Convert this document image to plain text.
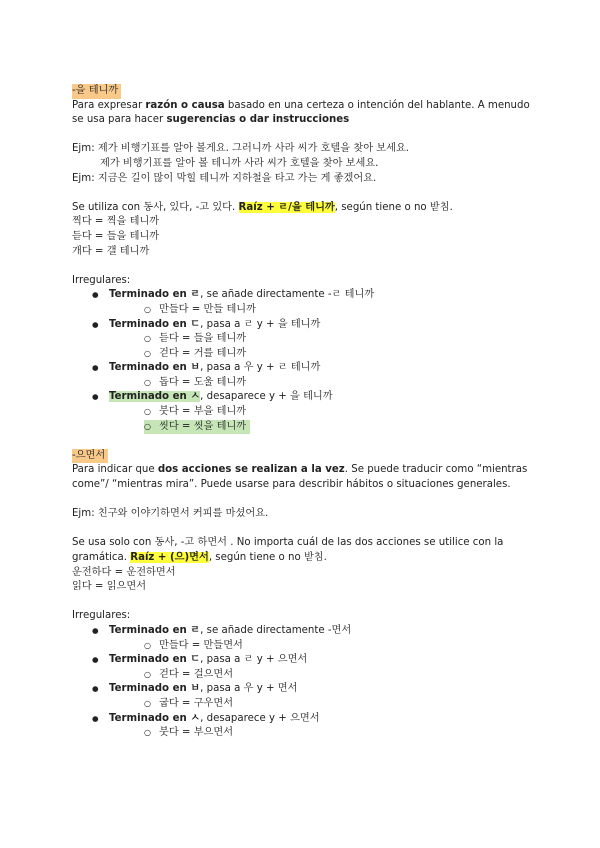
-을 테니까

Para expresar razón o causa basado en una certeza o intención del hablante. A menudo se usa para hacer sugerencias o dar instrucciones

Ejm: 제가 비행기표를 알아 볼게요. 그러니까 사라 씨가 호텔을 찾아 보세요.

제가 비행기표를 알아 볼 테니까 사라 씨가 호텔을 찾아 보세요.

Ejm: 지금은 길이 많이 막힐 테니까 지하철을 타고 가는 게 좋겠어요.

Se utiliza con 동사, 있다, -고 있다. Raíz + ㄹ/을 테니까, según tiene o no 받침.

찍다 = 찍을 테니까

듣다 = 들을 테니까

개다 = 갤 테니까

Irregulares:

● Terminado en ㄹ, se añade directamente -ㄹ 테니까
○ 만들다 = 만들 테니까
● Terminado en ㄷ, pasa a ㄹ y + 을 테니까
○ 듣다 = 들을 테니까
○ 걷다 = 거를 테니까
● Terminado en ㅂ, pasa a 우 y + ㄹ 테니까
○ 돕다 = 도울 테니까
● Terminado en ㅅ, desaparece y + 을 테니까
○ 붓다 = 부을 테니까
○ 씻다 = 씻을 테니까

-으면서

Para indicar que dos acciones se realizan a la vez. Se puede traducir como “mientras come”/ “mientras mira”. Puede usarse para describir hábitos o situaciones generales.

Ejm: 친구와 이야기하면서 커피를 마셨어요.

Se usa solo con 동사, -고 하면서 . No importa cuál de las dos acciones se utilice con la gramática. Raíz + (으)면서, según tiene o no 받침.

운전하다 = 운전하면서

읽다 = 읽으면서

Irregulares:

● Terminado en ㄹ, se añade directamente -면서
○ 만들다 = 만들면서
● Terminado en ㄷ, pasa a ㄹ y + 으면서
○ 걷다 = 걸으면서
● Terminado en ㅂ, pasa a 우 y + 면서
○ 굽다 = 구우면서
● Terminado en ㅅ, desaparece y + 으면서
○ 붓다 = 부으면서
